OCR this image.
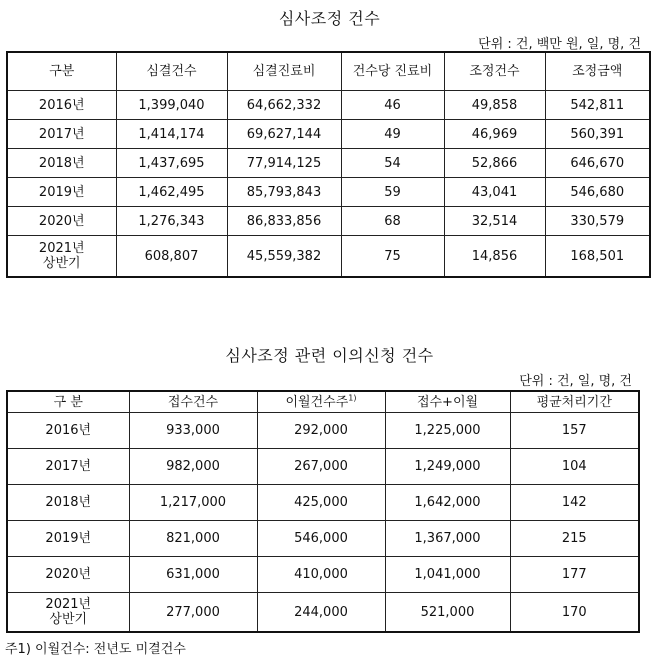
심사조정 건수
단위 : 건, 백만 원, 일, 명, 건
구분	심결건수	심결진료비	건수당 진료비	조정건수	조정금액
2016년	1,399,040	64,662,332	46	49,858	542,811
2017년	1,414,174	69,627,144	49	46,969	560,391
2018년	1,437,695	77,914,125	54	52,866	646,670
2019년	1,462,495	85,793,843	59	43,041	546,680
2020년	1,276,343	86,833,856	68	32,514	330,579

2021년
상반기	608,807	45,559,382	75	14,856	168,501
심사조정 관련 이의신청 건수
단위 : 건, 일, 명, 건
구 분	접수건수	이월건수주$^{1)}$	접수+이월	평균처리기간
2016년	933,000	292,000	1,225,000	157
2017년	982,000	267,000	1,249,000	104
2018년	1,217,000	425,000	1,642,000	142
2019년	821,000	546,000	1,367,000	215
2020년	631,000	410,000	1,041,000	177

2021년
상반기	277,000	244,000	521,000	170
주1) 이월건수: 전년도 미결건수
